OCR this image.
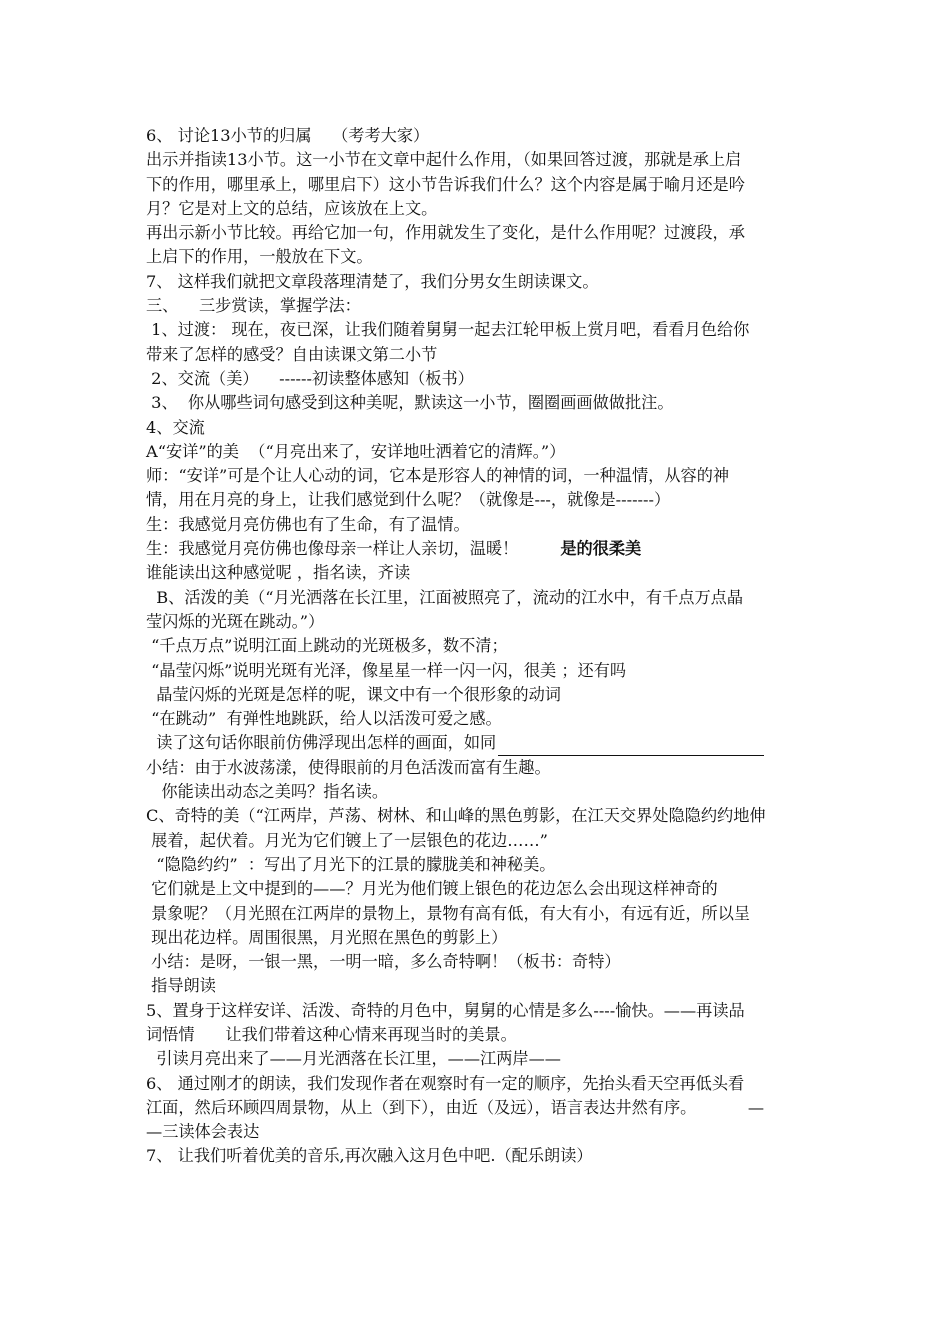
6、 讨论13小节的归属    （考考大家）
出示并指读13小节。这一小节在文章中起什么作用，（如果回答过渡，那就是承上启
下的作用，哪里承上，哪里启下）这小节告诉我们什么？这个内容是属于喻月还是吟
月？它是对上文的总结，应该放在上文。
再出示新小节比较。再给它加一句，作用就发生了变化，是什么作用呢？过渡段，承
上启下的作用，一般放在下文。
7、 这样我们就把文章段落理清楚了，我们分男女生朗读课文。
三、    三步赏读，掌握学法：
1、过渡： 现在，夜已深，让我们随着舅舅一起去江轮甲板上赏月吧，看看月色给你
带来了怎样的感受？自由读课文第二小节
2、交流（美）    ------初读整体感知（板书）
3、  你从哪些词句感受到这种美呢，默读这一小节，圈圈画画做做批注。
4、交流
A“安详”的美  （“月亮出来了，安详地吐洒着它的清辉。”）
师：“安详”可是个让人心动的词，它本是形容人的神情的词，一种温情，从容的神
情，用在月亮的身上，让我们感觉到什么呢？（就像是---，就像是-------）
生：我感觉月亮仿佛也有了生命，有了温情。
生：我感觉月亮仿佛也像母亲一样让人亲切，温暖！	是的很柔美
谁能读出这种感觉呢 ，指名读，齐读
B、活泼的美（“月光洒落在长江里，江面被照亮了，流动的江水中，有千点万点晶
莹闪烁的光斑在跳动。”）
“千点万点”说明江面上跳动的光斑极多，数不清；
“晶莹闪烁”说明光斑有光泽，像星星一样一闪一闪，很美 ；还有吗
晶莹闪烁的光斑是怎样的呢，课文中有一个很形象的动词
“在跳动”  有弹性地跳跃，给人以活泼可爱之感。
读了这句话你眼前仿佛浮现出怎样的画面，如同
小结：由于水波荡漾，使得眼前的月色活泼而富有生趣。
你能读出动态之美吗？指名读。
C、奇特的美（“江两岸，芦荡、树林、和山峰的黑色剪影，在江天交界处隐隐约约地伸
展着，起伏着。月光为它们镀上了一层银色的花边……”
“隐隐约约”  ：写出了月光下的江景的朦胧美和神秘美。
它们就是上文中提到的——？月光为他们镀上银色的花边怎么会出现这样神奇的
景象呢？（月光照在江两岸的景物上，景物有高有低，有大有小，有远有近，所以呈
现出花边样。周围很黑，月光照在黑色的剪影上）
小结：是呀，一银一黑，一明一暗，多么奇特啊！（板书：奇特）
指导朗读
5、置身于这样安详、活泼、奇特的月色中，舅舅的心情是多么----愉快。——再读品
词悟情      让我们带着这种心情来再现当时的美景。
引读月亮出来了——月光洒落在长江里，——江两岸——
6、 通过刚才的朗读，我们发现作者在观察时有一定的顺序，先抬头看天空再低头看
江面，然后环顾四周景物，从上（到下），由近（及远），语言表达井然有序。          —
—三读体会表达
7、 让我们听着优美的音乐,再次融入这月色中吧.（配乐朗读）
